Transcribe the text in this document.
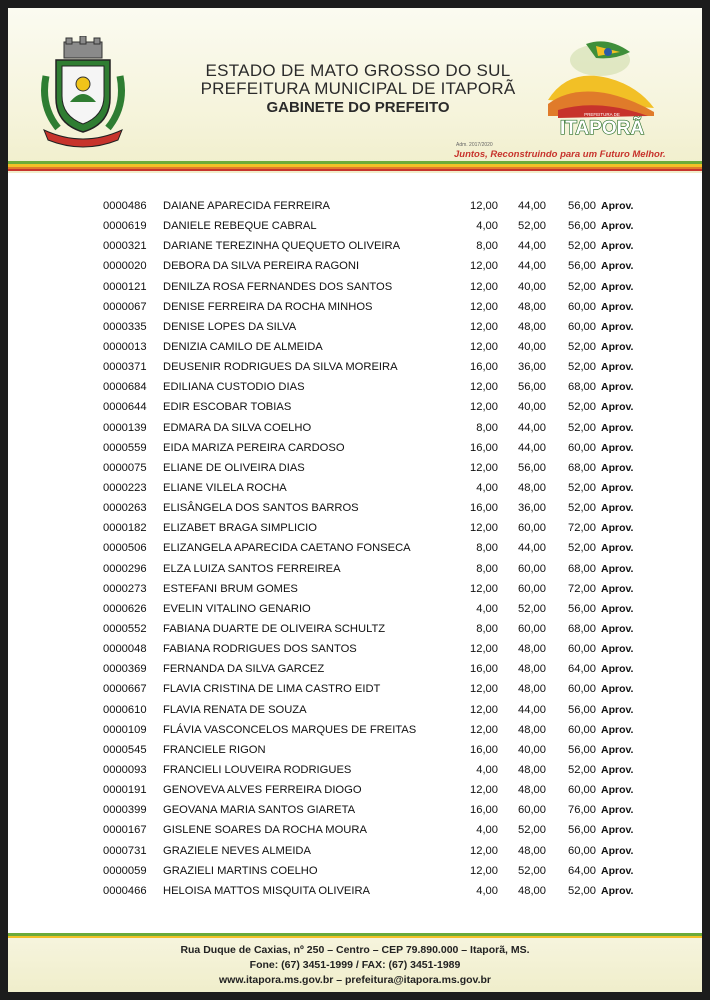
ESTADO DE MATO GROSSO DO SUL
PREFEITURA MUNICIPAL DE ITAPORÃ
GABINETE DO PREFEITO	PREFEITURA DE
ITAPORÃ
Adm. 2017/2020
Juntos, Reconstruindo para um Futuro Melhor.
0000486 DAIANE APARECIDA FERREIRA	12,00	44,00	56,00 Aprov.
0000619 DANIELE REBEQUE CABRAL	4,00	52,00	56,00 Aprov.
0000321 DARIANE TEREZINHA QUEQUETO OLIVEIRA	8,00	44,00	52,00 Aprov.
0000020 DEBORA DA SILVA PEREIRA RAGONI	12,00	44,00	56,00 Aprov.
0000121 DENILZA ROSA FERNANDES DOS SANTOS	12,00	40,00	52,00 Aprov.
0000067 DENISE FERREIRA DA ROCHA MINHOS	12,00	48,00	60,00 Aprov.
0000335 DENISE LOPES DA SILVA	12,00	48,00	60,00 Aprov.
0000013 DENIZIA CAMILO DE ALMEIDA	12,00	40,00	52,00 Aprov.
0000371 DEUSENIR RODRIGUES DA SILVA MOREIRA	16,00	36,00	52,00 Aprov.
0000684 EDILIANA CUSTODIO DIAS	12,00	56,00	68,00 Aprov.
0000644 EDIR ESCOBAR TOBIAS	12,00	40,00	52,00 Aprov.
0000139 EDMARA DA SILVA COELHO	8,00	44,00	52,00 Aprov.
0000559 EIDA MARIZA PEREIRA CARDOSO	16,00	44,00	60,00 Aprov.
0000075 ELIANE DE OLIVEIRA DIAS	12,00	56,00	68,00 Aprov.
0000223 ELIANE VILELA ROCHA	4,00	48,00	52,00 Aprov.
0000263 ELISÂNGELA DOS SANTOS BARROS	16,00	36,00	52,00 Aprov.
0000182 ELIZABET BRAGA SIMPLICIO	12,00	60,00	72,00 Aprov.
0000506 ELIZANGELA APARECIDA CAETANO FONSECA	8,00	44,00	52,00 Aprov.
0000296 ELZA LUIZA SANTOS FERREIREA	8,00	60,00	68,00 Aprov.
0000273 ESTEFANI BRUM GOMES	12,00	60,00	72,00 Aprov.
0000626 EVELIN VITALINO GENARIO	4,00	52,00	56,00 Aprov.
0000552 FABIANA DUARTE DE OLIVEIRA SCHULTZ	8,00	60,00	68,00 Aprov.
0000048 FABIANA RODRIGUES DOS SANTOS	12,00	48,00	60,00 Aprov.
0000369 FERNANDA DA SILVA GARCEZ	16,00	48,00	64,00 Aprov.
0000667 FLAVIA CRISTINA DE LIMA CASTRO EIDT	12,00	48,00	60,00 Aprov.
0000610 FLAVIA RENATA DE SOUZA	12,00	44,00	56,00 Aprov.
0000109 FLÁVIA VASCONCELOS MARQUES DE FREITAS	12,00	48,00	60,00 Aprov.
0000545 FRANCIELE RIGON	16,00	40,00	56,00 Aprov.
0000093 FRANCIELI LOUVEIRA RODRIGUES	4,00	48,00	52,00 Aprov.
0000191 GENOVEVA ALVES FERREIRA DIOGO	12,00	48,00	60,00 Aprov.
0000399 GEOVANA MARIA SANTOS GIARETA	16,00	60,00	76,00 Aprov.
0000167 GISLENE SOARES DA ROCHA MOURA	4,00	52,00	56,00 Aprov.
0000731 GRAZIELE NEVES ALMEIDA	12,00	48,00	60,00 Aprov.
0000059 GRAZIELI MARTINS COELHO	12,00	52,00	64,00 Aprov.
0000466 HELOISA MATTOS MISQUITA OLIVEIRA	4,00	48,00	52,00 Aprov.
Rua Duque de Caxias, nº 250 – Centro – CEP 79.890.000 – Itaporã, MS.
Fone: (67) 3451-1999 / FAX: (67) 3451-1989
www.itapora.ms.gov.br – prefeitura@itapora.ms.gov.br
